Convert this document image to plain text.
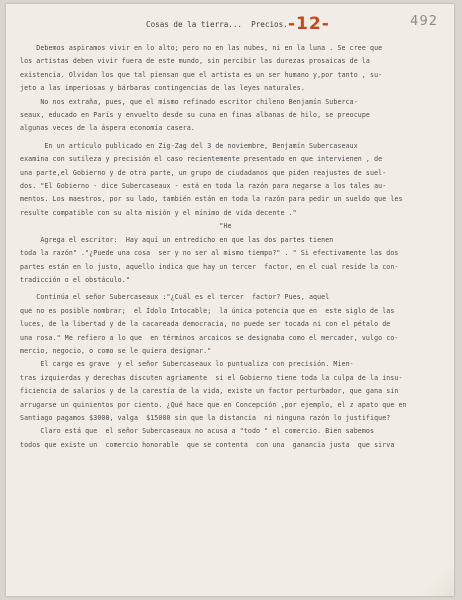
492
-12-
Cosas de la tierra...  Precios.
Debemos aspiramos vivir en lo alto; pero no en las nubes, ni en la luna . Se cree que
los artistas deben vivir fuera de este mundo, sin percibir las durezas prosaicas de la
existencia. Olvidan los que tal piensan que el artista es un ser humano y,por tanto , su-
jeto a las imperiosas y bárbaras contingencias de las leyes naturales.
No nos extraña, pues, que el mismo refinado escritor chileno Benjamín Suberca-
seaux, educado en París y envuelto desde su cuna en finas albanas de hilo, se preocupe
algunas veces de la áspera economía casera.
En un artículo publicado en Zig-Zag del 3 de noviembre, Benjamín Subercaseaux
examina con sutileza y precisión el caso recientemente presentado en que intervienen , de
una parte,el Gobierno y de otra parte, un grupo de ciudadanos que piden reajustes de suel-
dos. "El Gobierno - dice Subercaseaux - está en toda la razón para negarse a los tales au-
mentos. Los maestros, por su lado, también están en toda la razón para pedir un sueldo que les
resulte compatible con su alta misión y el mínimo de vida decente ."
"He
Agrega el escritor:  Hay aquí un entredicho en que las dos partes tienen
toda la razón" ."¿Puede una cosa  ser y no ser al mismo tiempo?" . " Si efectivamente las dos
partes están en lo justo, aquello indica que hay un tercer  factor, en el cual reside la con-
tradicción o el obstáculo."
Continúa el señor Subercaseaux :"¿Cuál es el tercer  factor? Pues, aquel
que no es posible nombrar;  el Ídolo Intocable;  la única potencia que en  este siglo de las
luces, de la libertad y de la cacareada democracia, no puede ser tocada ni con el pétalo de
una rosa." Me refiero a lo que  en términos arcaicos se designaba como el mercader, vulgo co-
mercio, negocio, o como se le quiera designar."
El cargo es grave  y el señor Subercaseaux lo puntualiza con precisión. Mien-
tras izquierdas y derechas discuten agriamente  si el Gobierno tiene toda la culpa de la insu-
ficiencia de salarios y de la carestía de la vida, existe un factor perturbador, que gana sin
arrugarse un quinientos por ciento. ¿Qué hace que en Concepción ,por ejemplo, el z apato que en
Santiago pagamos $3000, valga  $15000 sin que la distancia  ni ninguna razón lo justifique?
Claro está que  el señor Subercaseaux no acusa a "todo " el comercio. Bien sabemos
todos que existe un  comercio honorable  que se contenta  con una  ganancia justa  que sirva
